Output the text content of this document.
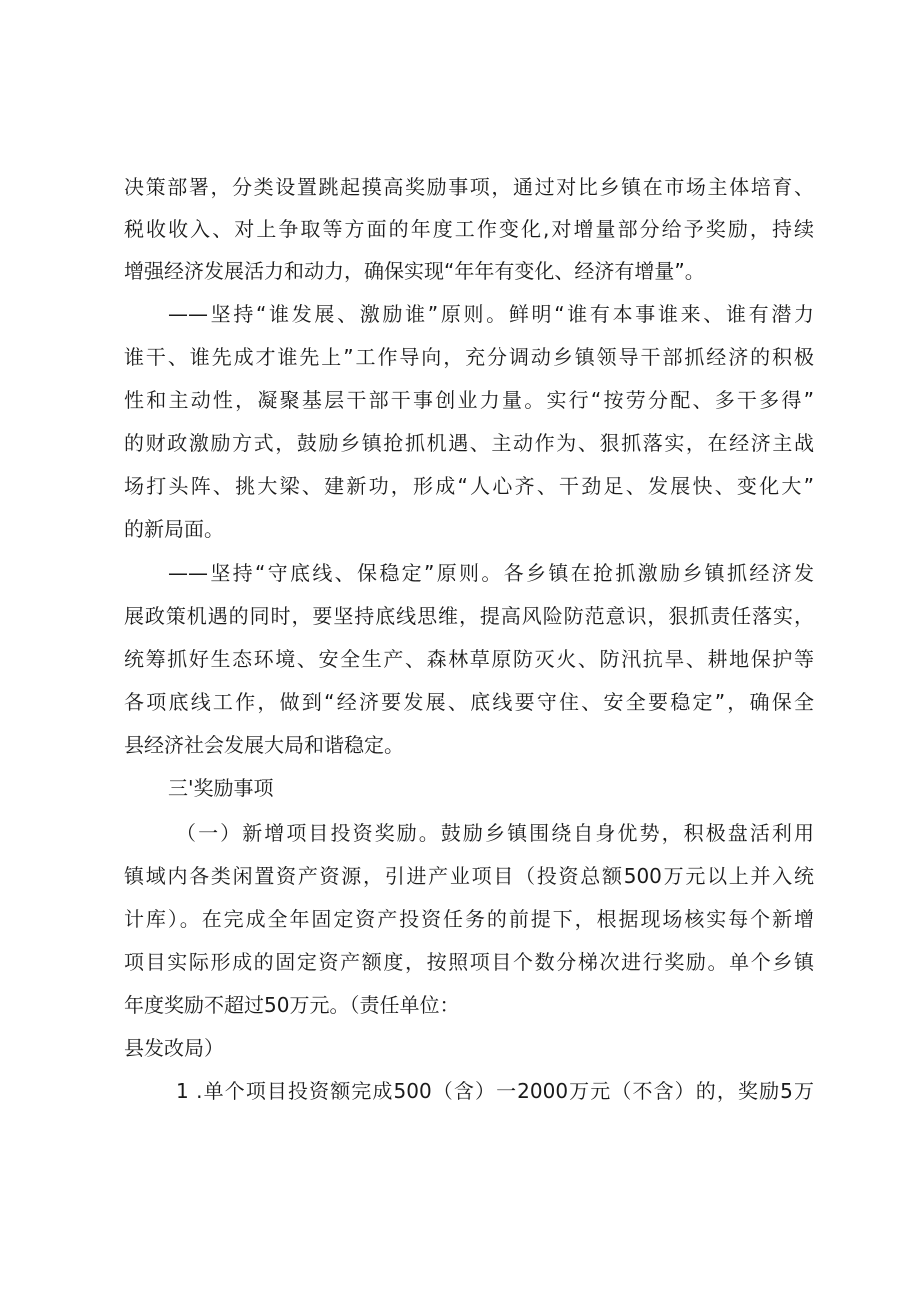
决策部署，分类设置跳起摸高奖励事项，通过对比乡镇在市场主体培育、
税收收入、对上争取等方面的年度工作变化,对增量部分给予奖励，持续
增强经济发展活力和动力，确保实现“年年有变化、经济有增量”。
——坚持“谁发展、激励谁”原则。鲜明“谁有本事谁来、谁有潜力
谁干、谁先成才谁先上”工作导向，充分调动乡镇领导干部抓经济的积极
性和主动性，凝聚基层干部干事创业力量。实行“按劳分配、多干多得”
的财政激励方式，鼓励乡镇抢抓机遇、主动作为、狠抓落实，在经济主战
场打头阵、挑大梁、建新功，形成“人心齐、干劲足、发展快、变化大”
的新局面。
——坚持“守底线、保稳定”原则。各乡镇在抢抓激励乡镇抓经济发
展政策机遇的同时，要坚持底线思维，提高风险防范意识，狠抓责任落实，
统筹抓好生态环境、安全生产、森林草原防灭火、防汛抗旱、耕地保护等
各项底线工作，做到“经济要发展、底线要守住、安全要稳定”，确保全
县经济社会发展大局和谐稳定。
三'奖励事项
（一）新增项目投资奖励。鼓励乡镇围绕自身优势，积极盘活利用
镇域内各类闲置资产资源，引进产业项目（投资总额500万元以上并入统
计库）。在完成全年固定资产投资任务的前提下，根据现场核实每个新增
项目实际形成的固定资产额度，按照项目个数分梯次进行奖励。单个乡镇
年度奖励不超过50万元。（责任单位：
县发改局）
1 .单个项目投资额完成500（含）一2000万元（不含）的，奖励5万
